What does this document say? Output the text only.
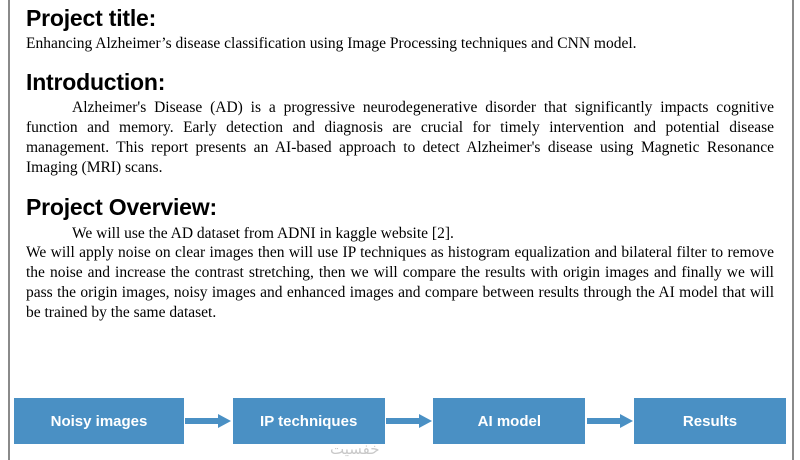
Project title:

Enhancing Alzheimer’s disease classification using Image Processing techniques and CNN model.

Introduction:

Alzheimer's Disease (AD) is a progressive neurodegenerative disorder that significantly impacts cognitive function and memory. Early detection and diagnosis are crucial for timely intervention and potential disease management. This report presents an AI-based approach to detect Alzheimer's disease using Magnetic Resonance Imaging (MRI) scans.

Project Overview:

We will use the AD dataset from ADNI in kaggle website [2].

We will apply noise on clear images then will use IP techniques as histogram equalization and bilateral filter to remove the noise and increase the contrast stretching, then we will compare the results with origin images and finally we will pass the origin images, noisy images and enhanced images and compare between results through the AI model that will be trained by the same dataset.

Noisy images	IP techniques	AI model	Results
خفسيت
